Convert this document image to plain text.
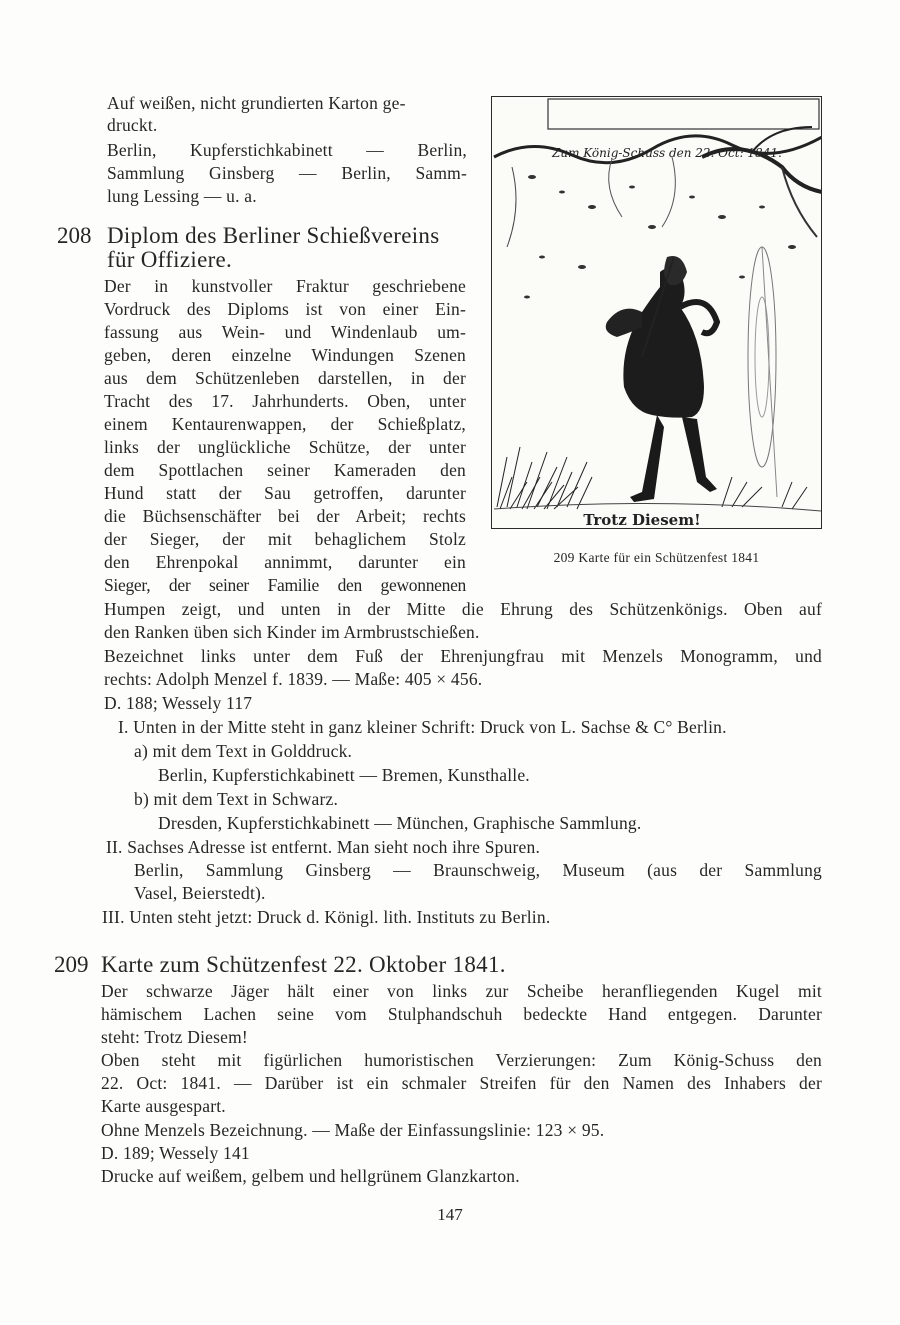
Auf weißen, nicht grundierten Karton ge-
druckt.
Berlin, Kupferstichkabinett — Berlin,
Sammlung Ginsberg — Berlin, Samm-
lung Lessing — u. a.
208 Diplom des Berliner Schießvereins
für Offiziere.
Der in kunstvoller Fraktur geschriebene
Vordruck des Diploms ist von einer Ein-
fassung aus Wein- und Windenlaub um-
geben, deren einzelne Windungen Szenen
aus dem Schützenleben darstellen, in der
Tracht des 17. Jahrhunderts. Oben, unter
einem Kentaurenwappen, der Schießplatz,
links der unglückliche Schütze, der unter
dem Spottlachen seiner Kameraden den
Hund statt der Sau getroffen, darunter
die Büchsenschäfter bei der Arbeit; rechts
der Sieger, der mit behaglichem Stolz
den Ehrenpokal annimmt, darunter ein
Sieger, der seiner Familie den gewonnenen
Humpen zeigt, und unten in der Mitte die Ehrung des Schützenkönigs. Oben auf
den Ranken üben sich Kinder im Armbrustschießen.
Bezeichnet links unter dem Fuß der Ehrenjungfrau mit Menzels Monogramm, und
rechts: Adolph Menzel f. 1839. — Maße: 405 × 456.
D. 188; Wessely 117
I. Unten in der Mitte steht in ganz kleiner Schrift: Druck von L. Sachse & C° Berlin.
a) mit dem Text in Golddruck.
Berlin, Kupferstichkabinett — Bremen, Kunsthalle.
b) mit dem Text in Schwarz.
Dresden, Kupferstichkabinett — München, Graphische Sammlung.
II. Sachses Adresse ist entfernt. Man sieht noch ihre Spuren.
Berlin, Sammlung Ginsberg — Braunschweig, Museum (aus der Sammlung
Vasel, Beierstedt).
III. Unten steht jetzt: Druck d. Königl. lith. Instituts zu Berlin.
Zum König-Schuss den 22. Oct: 1841.
Trotz Diesem!
209 Karte für ein Schützenfest 1841
209 Karte zum Schützenfest 22. Oktober 1841.
Der schwarze Jäger hält einer von links zur Scheibe heranfliegenden Kugel mit
hämischem Lachen seine vom Stulphandschuh bedeckte Hand entgegen. Darunter
steht: Trotz Diesem!
Oben steht mit figürlichen humoristischen Verzierungen: Zum König-Schuss den
22. Oct: 1841. — Darüber ist ein schmaler Streifen für den Namen des Inhabers der
Karte ausgespart.
Ohne Menzels Bezeichnung. — Maße der Einfassungslinie: 123 × 95.
D. 189; Wessely 141
Drucke auf weißem, gelbem und hellgrünem Glanzkarton.
147
